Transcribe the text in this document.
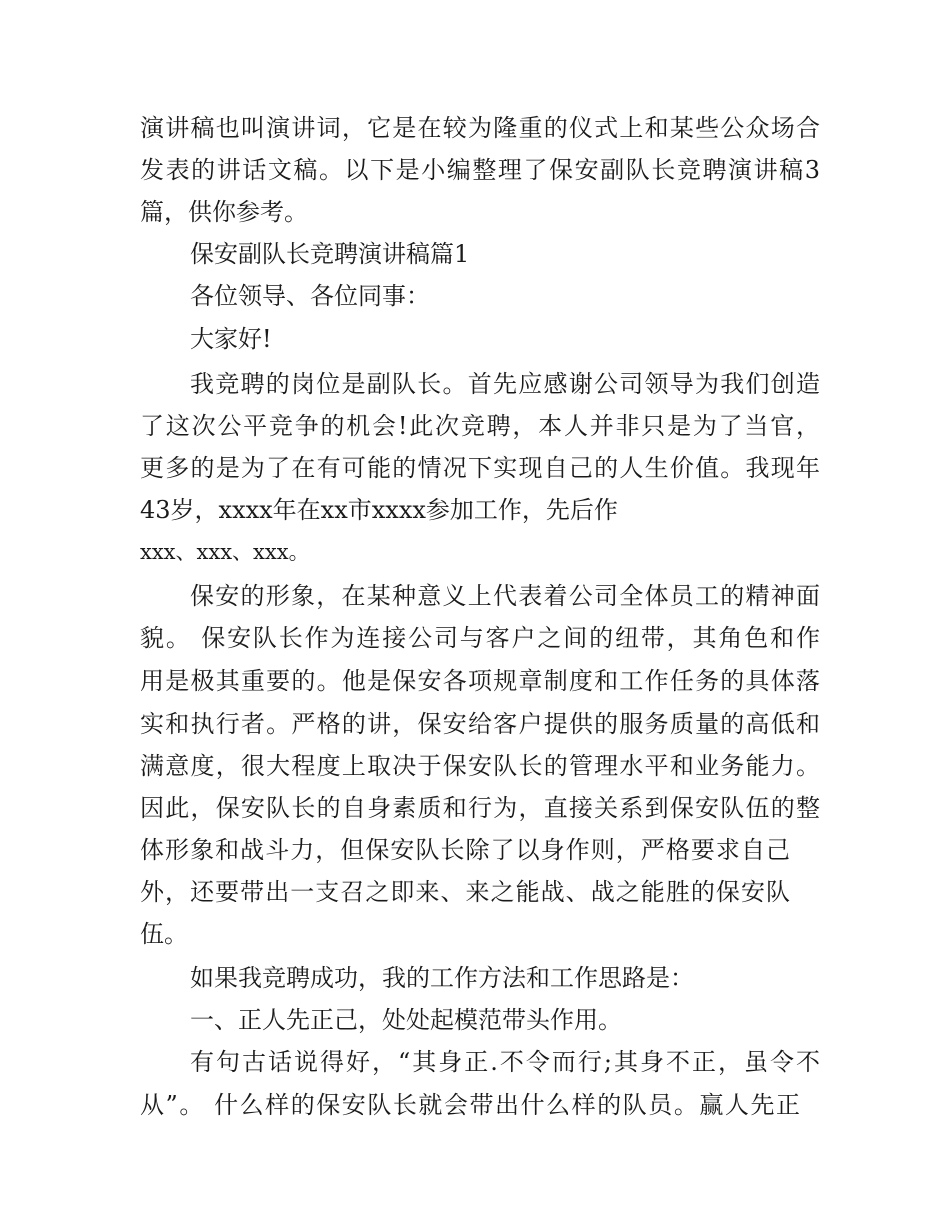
演讲稿也叫演讲词，它是在较为隆重的仪式上和某些公众场合
发表的讲话文稿。以下是小编整理了保安副队长竞聘演讲稿3
篇，供你参考。
保安副队长竞聘演讲稿篇1
各位领导、各位同事：
大家好!
我竞聘的岗位是副队长。首先应感谢公司领导为我们创造
了这次公平竞争的机会!此次竞聘，本人并非只是为了当官，
更多的是为了在有可能的情况下实现自己的人生价值。我现年
43岁，xxxx年在xx市xxxx参加工作，先后作
xxx、xxx、xxx。
保安的形象，在某种意义上代表着公司全体员工的精神面
貌。 保安队长作为连接公司与客户之间的纽带，其角色和作
用是极其重要的。他是保安各项规章制度和工作任务的具体落
实和执行者。严格的讲，保安给客户提供的服务质量的高低和
满意度，很大程度上取决于保安队长的管理水平和业务能力。
因此，保安队长的自身素质和行为，直接关系到保安队伍的整
体形象和战斗力，但保安队长除了以身作则，严格要求自己
外，还要带出一支召之即来、来之能战、战之能胜的保安队
伍。
如果我竞聘成功，我的工作方法和工作思路是：
一、正人先正己，处处起模范带头作用。
有句古话说得好，“其身正.不令而行;其身不正，虽令不
从”。 什么样的保安队长就会带出什么样的队员。赢人先正
